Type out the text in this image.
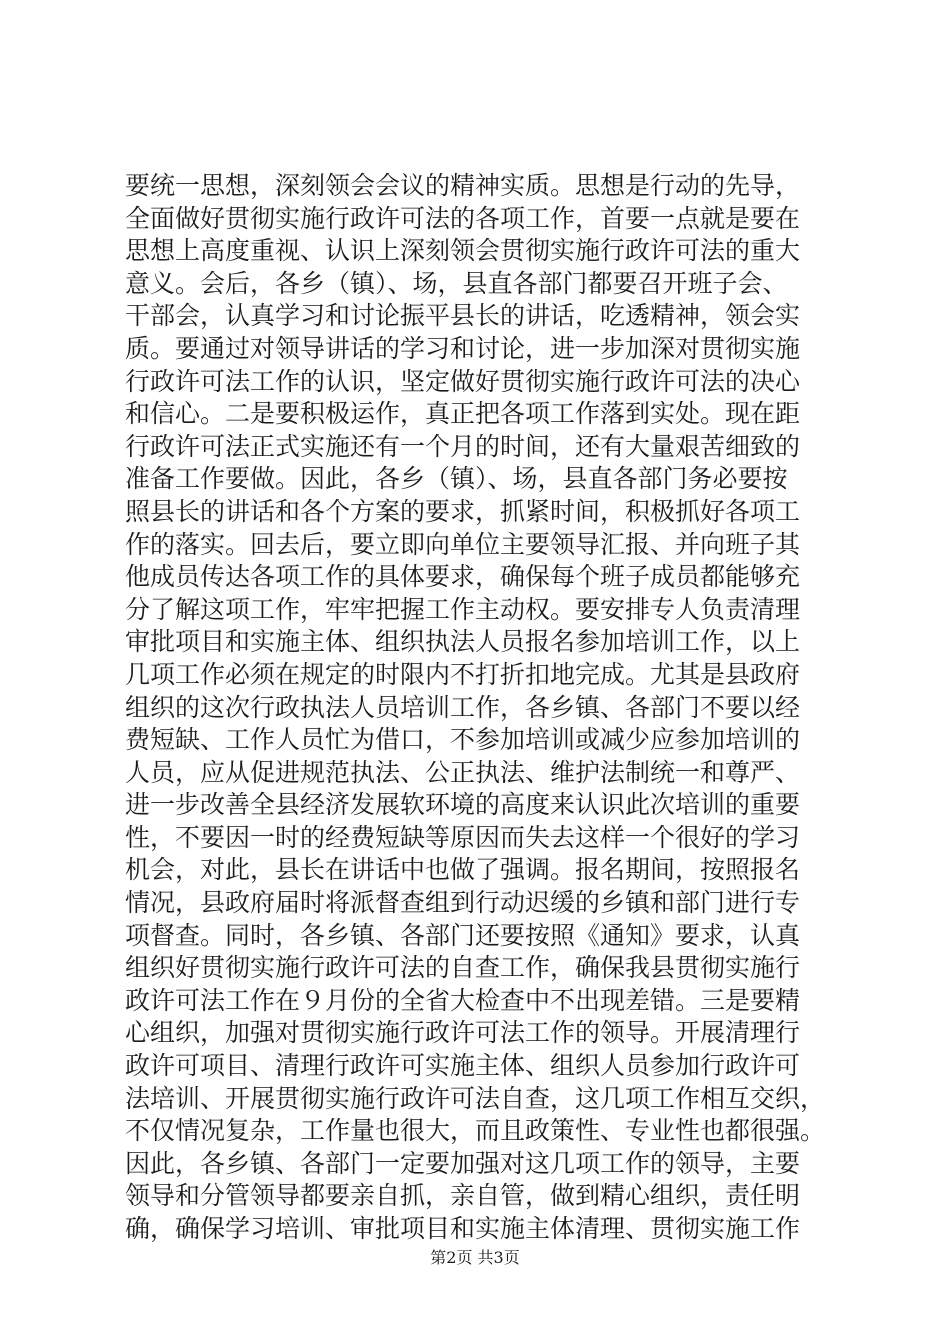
要统一思想，深刻领会会议的精神实质。思想是行动的先导，
全面做好贯彻实施行政许可法的各项工作，首要一点就是要在
思想上高度重视、认识上深刻领会贯彻实施行政许可法的重大
意义。会后，各乡（镇）、场，县直各部门都要召开班子会、
干部会，认真学习和讨论振平县长的讲话，吃透精神，领会实
质。要通过对领导讲话的学习和讨论，进一步加深对贯彻实施
行政许可法工作的认识，坚定做好贯彻实施行政许可法的决心
和信心。二是要积极运作，真正把各项工作落到实处。现在距
行政许可法正式实施还有一个月的时间，还有大量艰苦细致的
准备工作要做。因此，各乡（镇）、场，县直各部门务必要按
照县长的讲话和各个方案的要求，抓紧时间，积极抓好各项工
作的落实。回去后，要立即向单位主要领导汇报、并向班子其
他成员传达各项工作的具体要求，确保每个班子成员都能够充
分了解这项工作，牢牢把握工作主动权。要安排专人负责清理
审批项目和实施主体、组织执法人员报名参加培训工作，以上
几项工作必须在规定的时限内不打折扣地完成。尤其是县政府
组织的这次行政执法人员培训工作，各乡镇、各部门不要以经
费短缺、工作人员忙为借口，不参加培训或减少应参加培训的
人员，应从促进规范执法、公正执法、维护法制统一和尊严、
进一步改善全县经济发展软环境的高度来认识此次培训的重要
性，不要因一时的经费短缺等原因而失去这样一个很好的学习
机会，对此，县长在讲话中也做了强调。报名期间，按照报名
情况，县政府届时将派督查组到行动迟缓的乡镇和部门进行专
项督查。同时，各乡镇、各部门还要按照《通知》要求，认真
组织好贯彻实施行政许可法的自查工作，确保我县贯彻实施行
政许可法工作在９月份的全省大检查中不出现差错。三是要精
心组织，加强对贯彻实施行政许可法工作的领导。开展清理行
政许可项目、清理行政许可实施主体、组织人员参加行政许可
法培训、开展贯彻实施行政许可法自查，这几项工作相互交织，
不仅情况复杂，工作量也很大，而且政策性、专业性也都很强。
因此，各乡镇、各部门一定要加强对这几项工作的领导，主要
领导和分管领导都要亲自抓，亲自管，做到精心组织，责任明
确，确保学习培训、审批项目和实施主体清理、贯彻实施工作
第2页 共3页
